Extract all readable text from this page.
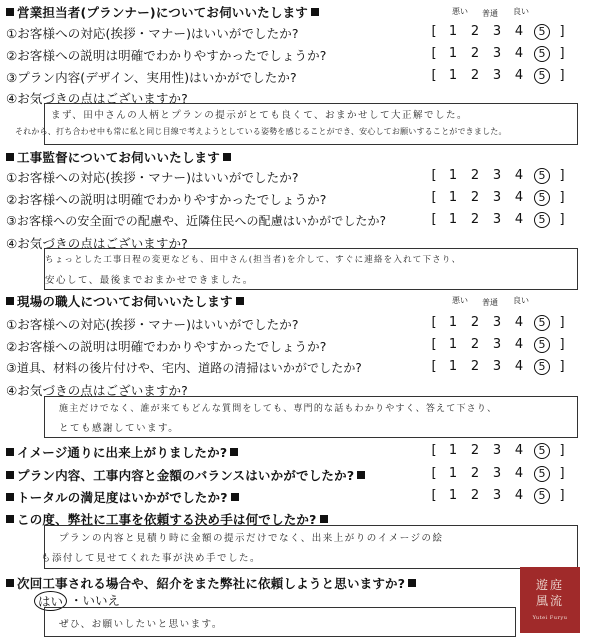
悪い 普通 良い
営業担当者(プランナー)についてお伺いいたします
①お客様への対応(挨拶・マナー)はいいがでしたか?	[ 1 2 3 4 5 ]
②お客様への説明は明確でわかりやすかったでしょうか?	[ 1 2 3 4 5 ]
③プラン内容(デザイン、実用性)はいかがでしたか?	[ 1 2 3 4 5 ]
④お気づきの点はございますか?
まず、田中さんの人柄とプランの提示がとても良くて、おまかせして大正解でした。
それから、打ち合わせ中も常に私と同じ目線で考えようとしている姿勢を感じることができ、安心してお願いすることができました。
工事監督についてお伺いいたします
①お客様への対応(挨拶・マナー)はいいがでしたか?	[ 1 2 3 4 5 ]
②お客様への説明は明確でわかりやすかったでしょうか?	[ 1 2 3 4 5 ]
③お客様への安全面での配慮や、近隣住民への配慮はいかがでしたか?	[ 1 2 3 4 5 ]
④お気づきの点はございますか?
ちょっとした工事日程の変更なども、田中さん(担当者)を介して、すぐに連絡を入れて下さり、
安心して、最後までおまかせできました。
現場の職人についてお伺いいたします	悪い 普通 良い
①お客様への対応(挨拶・マナー)はいいがでしたか?	[ 1 2 3 4 5 ]
②お客様への説明は明確でわかりやすかったでしょうか?	[ 1 2 3 4 5 ]
③道具、材料の後片付けや、宅内、道路の清掃はいかがでしたか?	[ 1 2 3 4 5 ]
④お気づきの点はございますか?
施主だけでなく、誰が来てもどんな質問をしても、専門的な話もわかりやすく、答えて下さり、
とても感謝しています。
イメージ通りに出来上がりましたか?	[ 1 2 3 4 5 ]
プラン内容、工事内容と金額のバランスはいかがでしたか?	[ 1 2 3 4 5 ]
トータルの満足度はいかがでしたか?	[ 1 2 3 4 5 ]
この度、弊社に工事を依頼する決め手は何でしたか?
プランの内容と見積り時に金額の提示だけでなく、出来上がりのイメージの絵
も添付して見せてくれた事が決め手でした。
次回工事される場合や、紹介をまた弊社に依頼しようと思いますか?
はい ・いいえ
ぜひ、お願いしたいと思います。
遊庭
風流
Yutei Furyu
